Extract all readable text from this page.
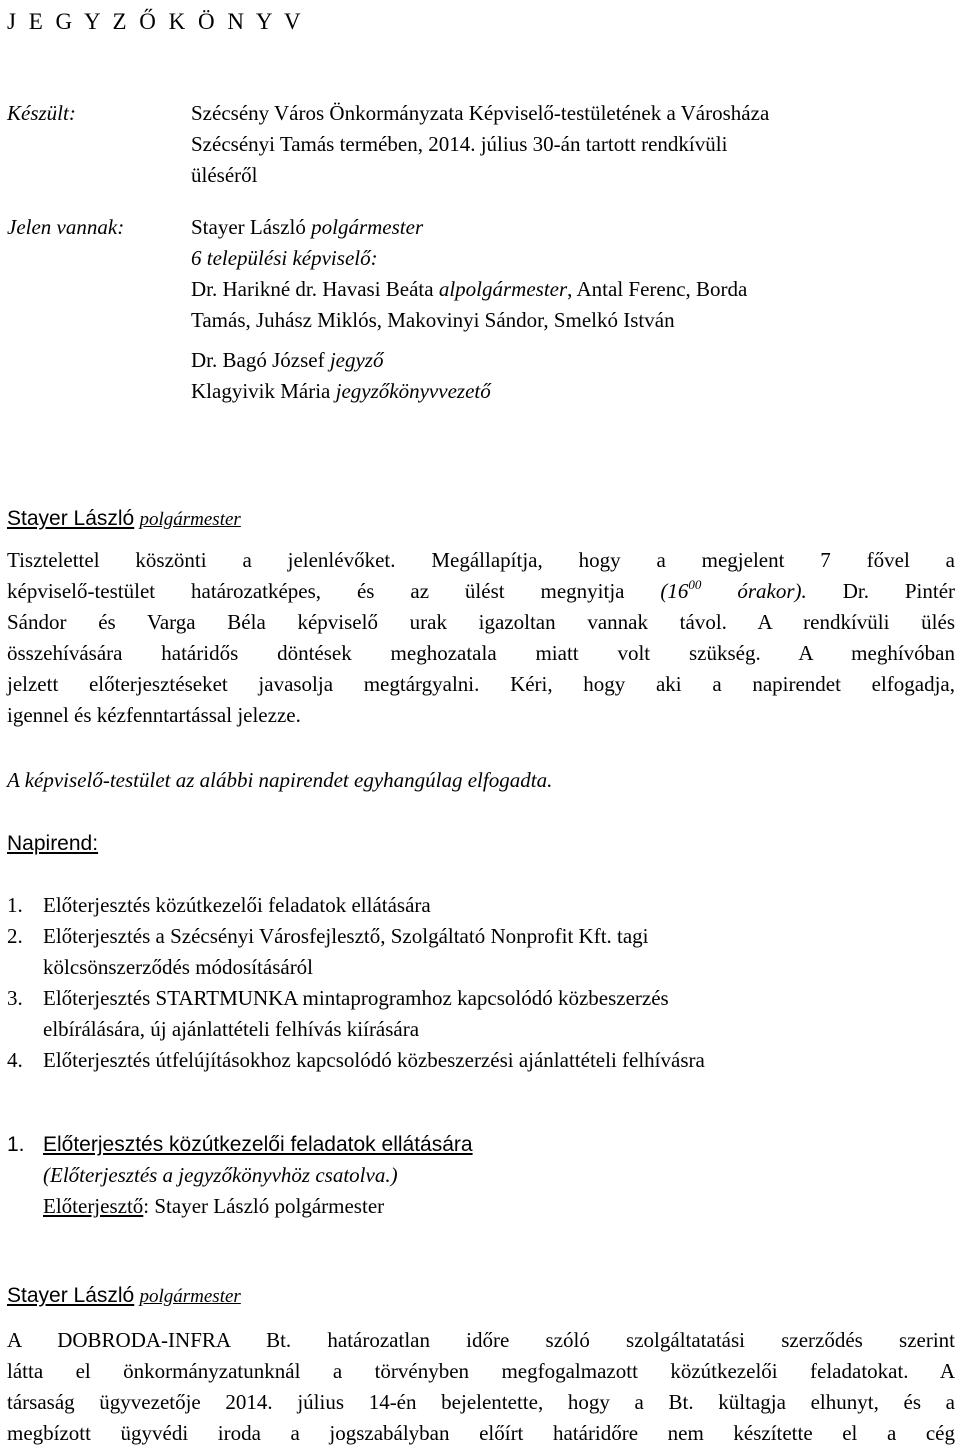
J E G Y Z Ő K Ö N Y V
Készült:	Szécsény Város Önkormányzata Képviselő-testületének a Városháza
Szécsényi Tamás termében, 2014. július 30-án tartott rendkívüli
üléséről
Jelen vannak:	Stayer László polgármester
6 települési képviselő:
Dr. Harikné dr. Havasi Beáta alpolgármester, Antal Ferenc, Borda
Tamás, Juhász Miklós, Makovinyi Sándor, Smelkó István
Dr. Bagó József jegyző
Klagyivik Mária jegyzőkönyvvezető
Stayer László polgármester
Tisztelettel köszönti a jelenlévőket. Megállapítja, hogy a megjelent 7 fővel a
képviselő-testület határozatképes, és az ülést megnyitja ($16^{00}$ órakor). Dr. Pintér
Sándor és Varga Béla képviselő urak igazoltan vannak távol. A rendkívüli ülés
összehívására határidős döntések meghozatala miatt volt szükség. A meghívóban
jelzett előterjesztéseket javasolja megtárgyalni. Kéri, hogy aki a napirendet elfogadja,
igennel és kézfenntartással jelezze.
A képviselő-testület az alábbi napirendet egyhangúlag elfogadta.
Napirend:
1. Előterjesztés közútkezelői feladatok ellátására
2. Előterjesztés a Szécsényi Városfejlesztő, Szolgáltató Nonprofit Kft. tagi
kölcsönszerződés módosításáról
3. Előterjesztés STARTMUNKA mintaprogramhoz kapcsolódó közbeszerzés
elbírálására, új ajánlattételi felhívás kiírására
4. Előterjesztés útfelújításokhoz kapcsolódó közbeszerzési ajánlattételi felhívásra
1. Előterjesztés közútkezelői feladatok ellátására
(Előterjesztés a jegyzőkönyvhöz csatolva.)
Előterjesztő: Stayer László polgármester
Stayer László polgármester
A DOBRODA-INFRA Bt. határozatlan időre szóló szolgáltatatási szerződés szerint
látta el önkormányzatunknál a törvényben megfogalmazott közútkezelői feladatokat. A
társaság ügyvezetője 2014. július 14-én bejelentette, hogy a Bt. kültagja elhunyt, és a
megbízott ügyvédi iroda a jogszabályban előírt határidőre nem készítette el a cég
